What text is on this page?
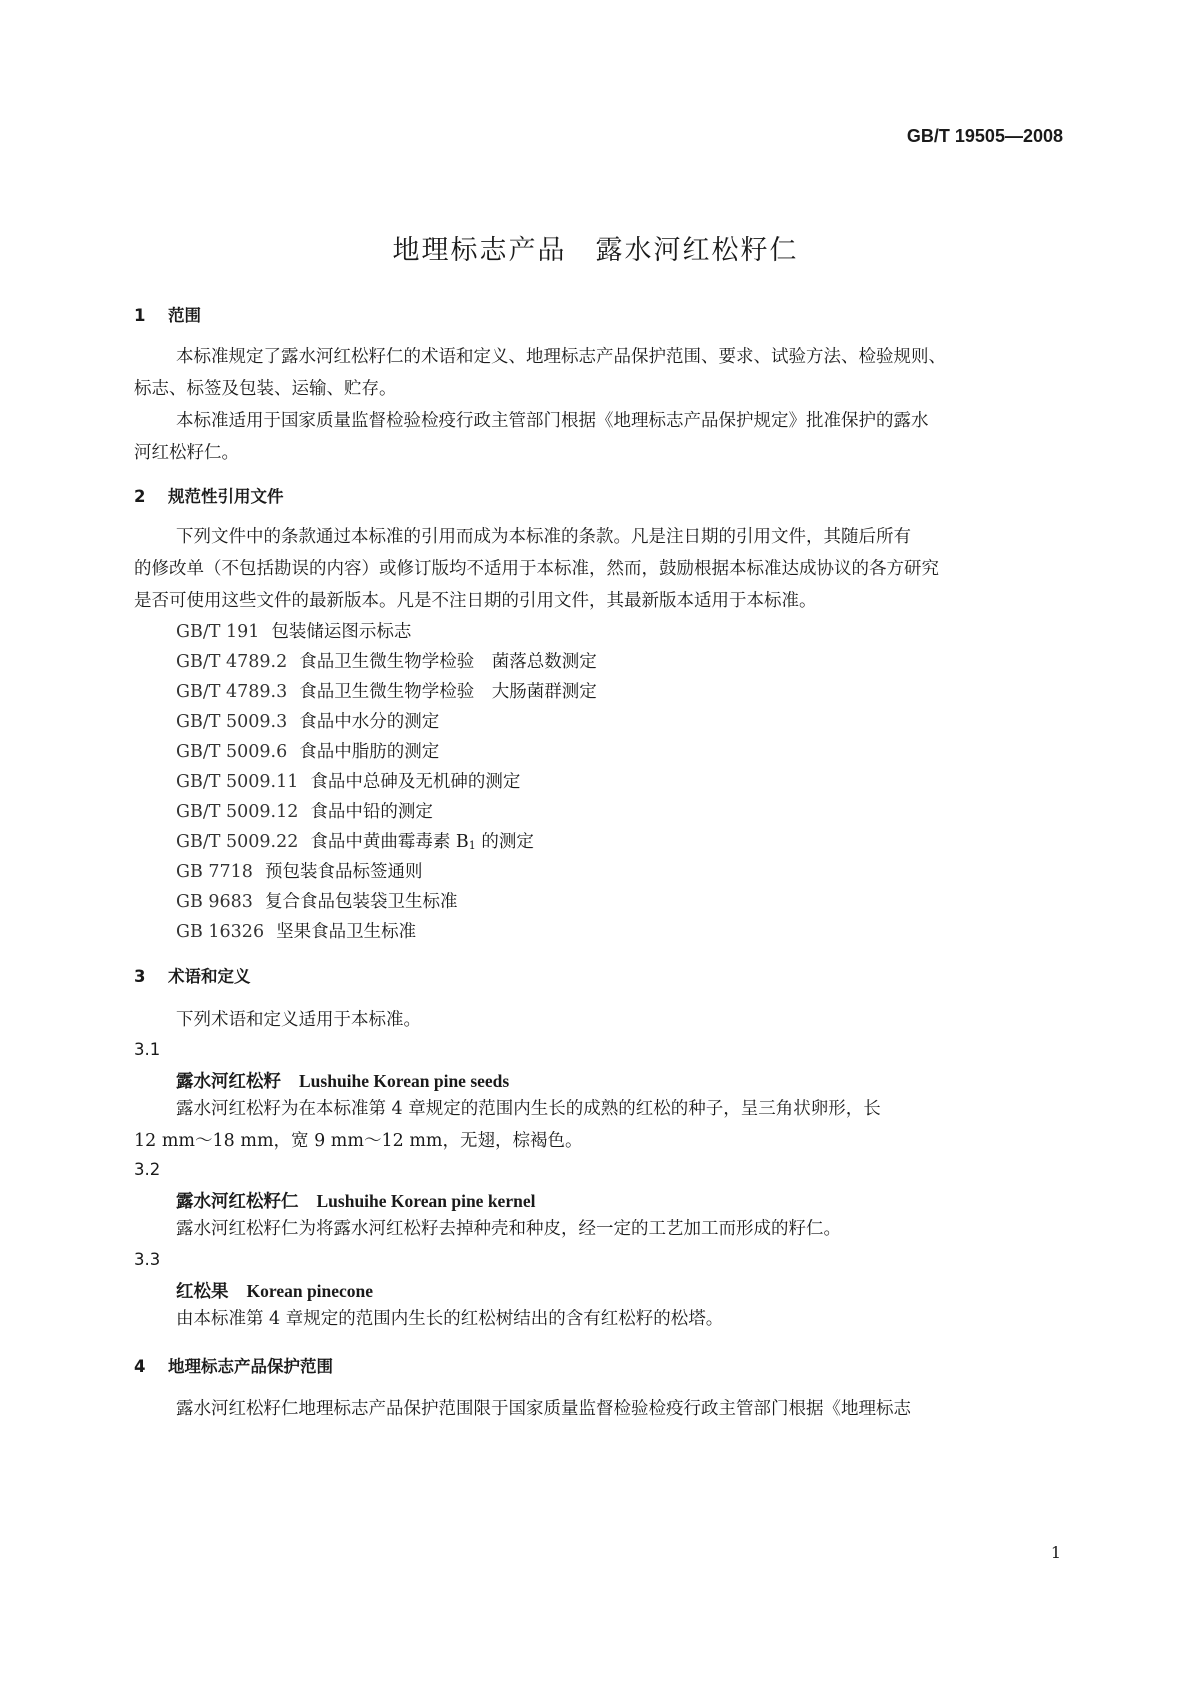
GB/T 19505—2008
地理标志产品　露水河红松籽仁
1 范围
本标准规定了露水河红松籽仁的术语和定义、地理标志产品保护范围、要求、试验方法、检验规则、
标志、标签及包装、运输、贮存。
本标准适用于国家质量监督检验检疫行政主管部门根据《地理标志产品保护规定》批准保护的露水
河红松籽仁。
2 规范性引用文件
下列文件中的条款通过本标准的引用而成为本标准的条款。凡是注日期的引用文件，其随后所有
的修改单（不包括勘误的内容）或修订版均不适用于本标准，然而，鼓励根据本标准达成协议的各方研究
是否可使用这些文件的最新版本。凡是不注日期的引用文件，其最新版本适用于本标准。
GB/T 191 包装储运图示标志
GB/T 4789.2 食品卫生微生物学检验　菌落总数测定
GB/T 4789.3 食品卫生微生物学检验　大肠菌群测定
GB/T 5009.3 食品中水分的测定
GB/T 5009.6 食品中脂肪的测定
GB/T 5009.11 食品中总砷及无机砷的测定
GB/T 5009.12 食品中铅的测定
GB/T 5009.22 食品中黄曲霉毒素 $B_1$ 的测定
GB 7718 预包装食品标签通则
GB 9683 复合食品包装袋卫生标准
GB 16326 坚果食品卫生标准
3 术语和定义
下列术语和定义适用于本标准。
3.1
露水河红松籽 Lushuihe Korean pine seeds
露水河红松籽为在本标准第 4 章规定的范围内生长的成熟的红松的种子，呈三角状卵形，长
12 mm～18 mm，宽 9 mm～12 mm，无翅，棕褐色。
3.2
露水河红松籽仁 Lushuihe Korean pine kernel
露水河红松籽仁为将露水河红松籽去掉种壳和种皮，经一定的工艺加工而形成的籽仁。
3.3
红松果 Korean pinecone
由本标准第 4 章规定的范围内生长的红松树结出的含有红松籽的松塔。
4 地理标志产品保护范围
露水河红松籽仁地理标志产品保护范围限于国家质量监督检验检疫行政主管部门根据《地理标志
1
